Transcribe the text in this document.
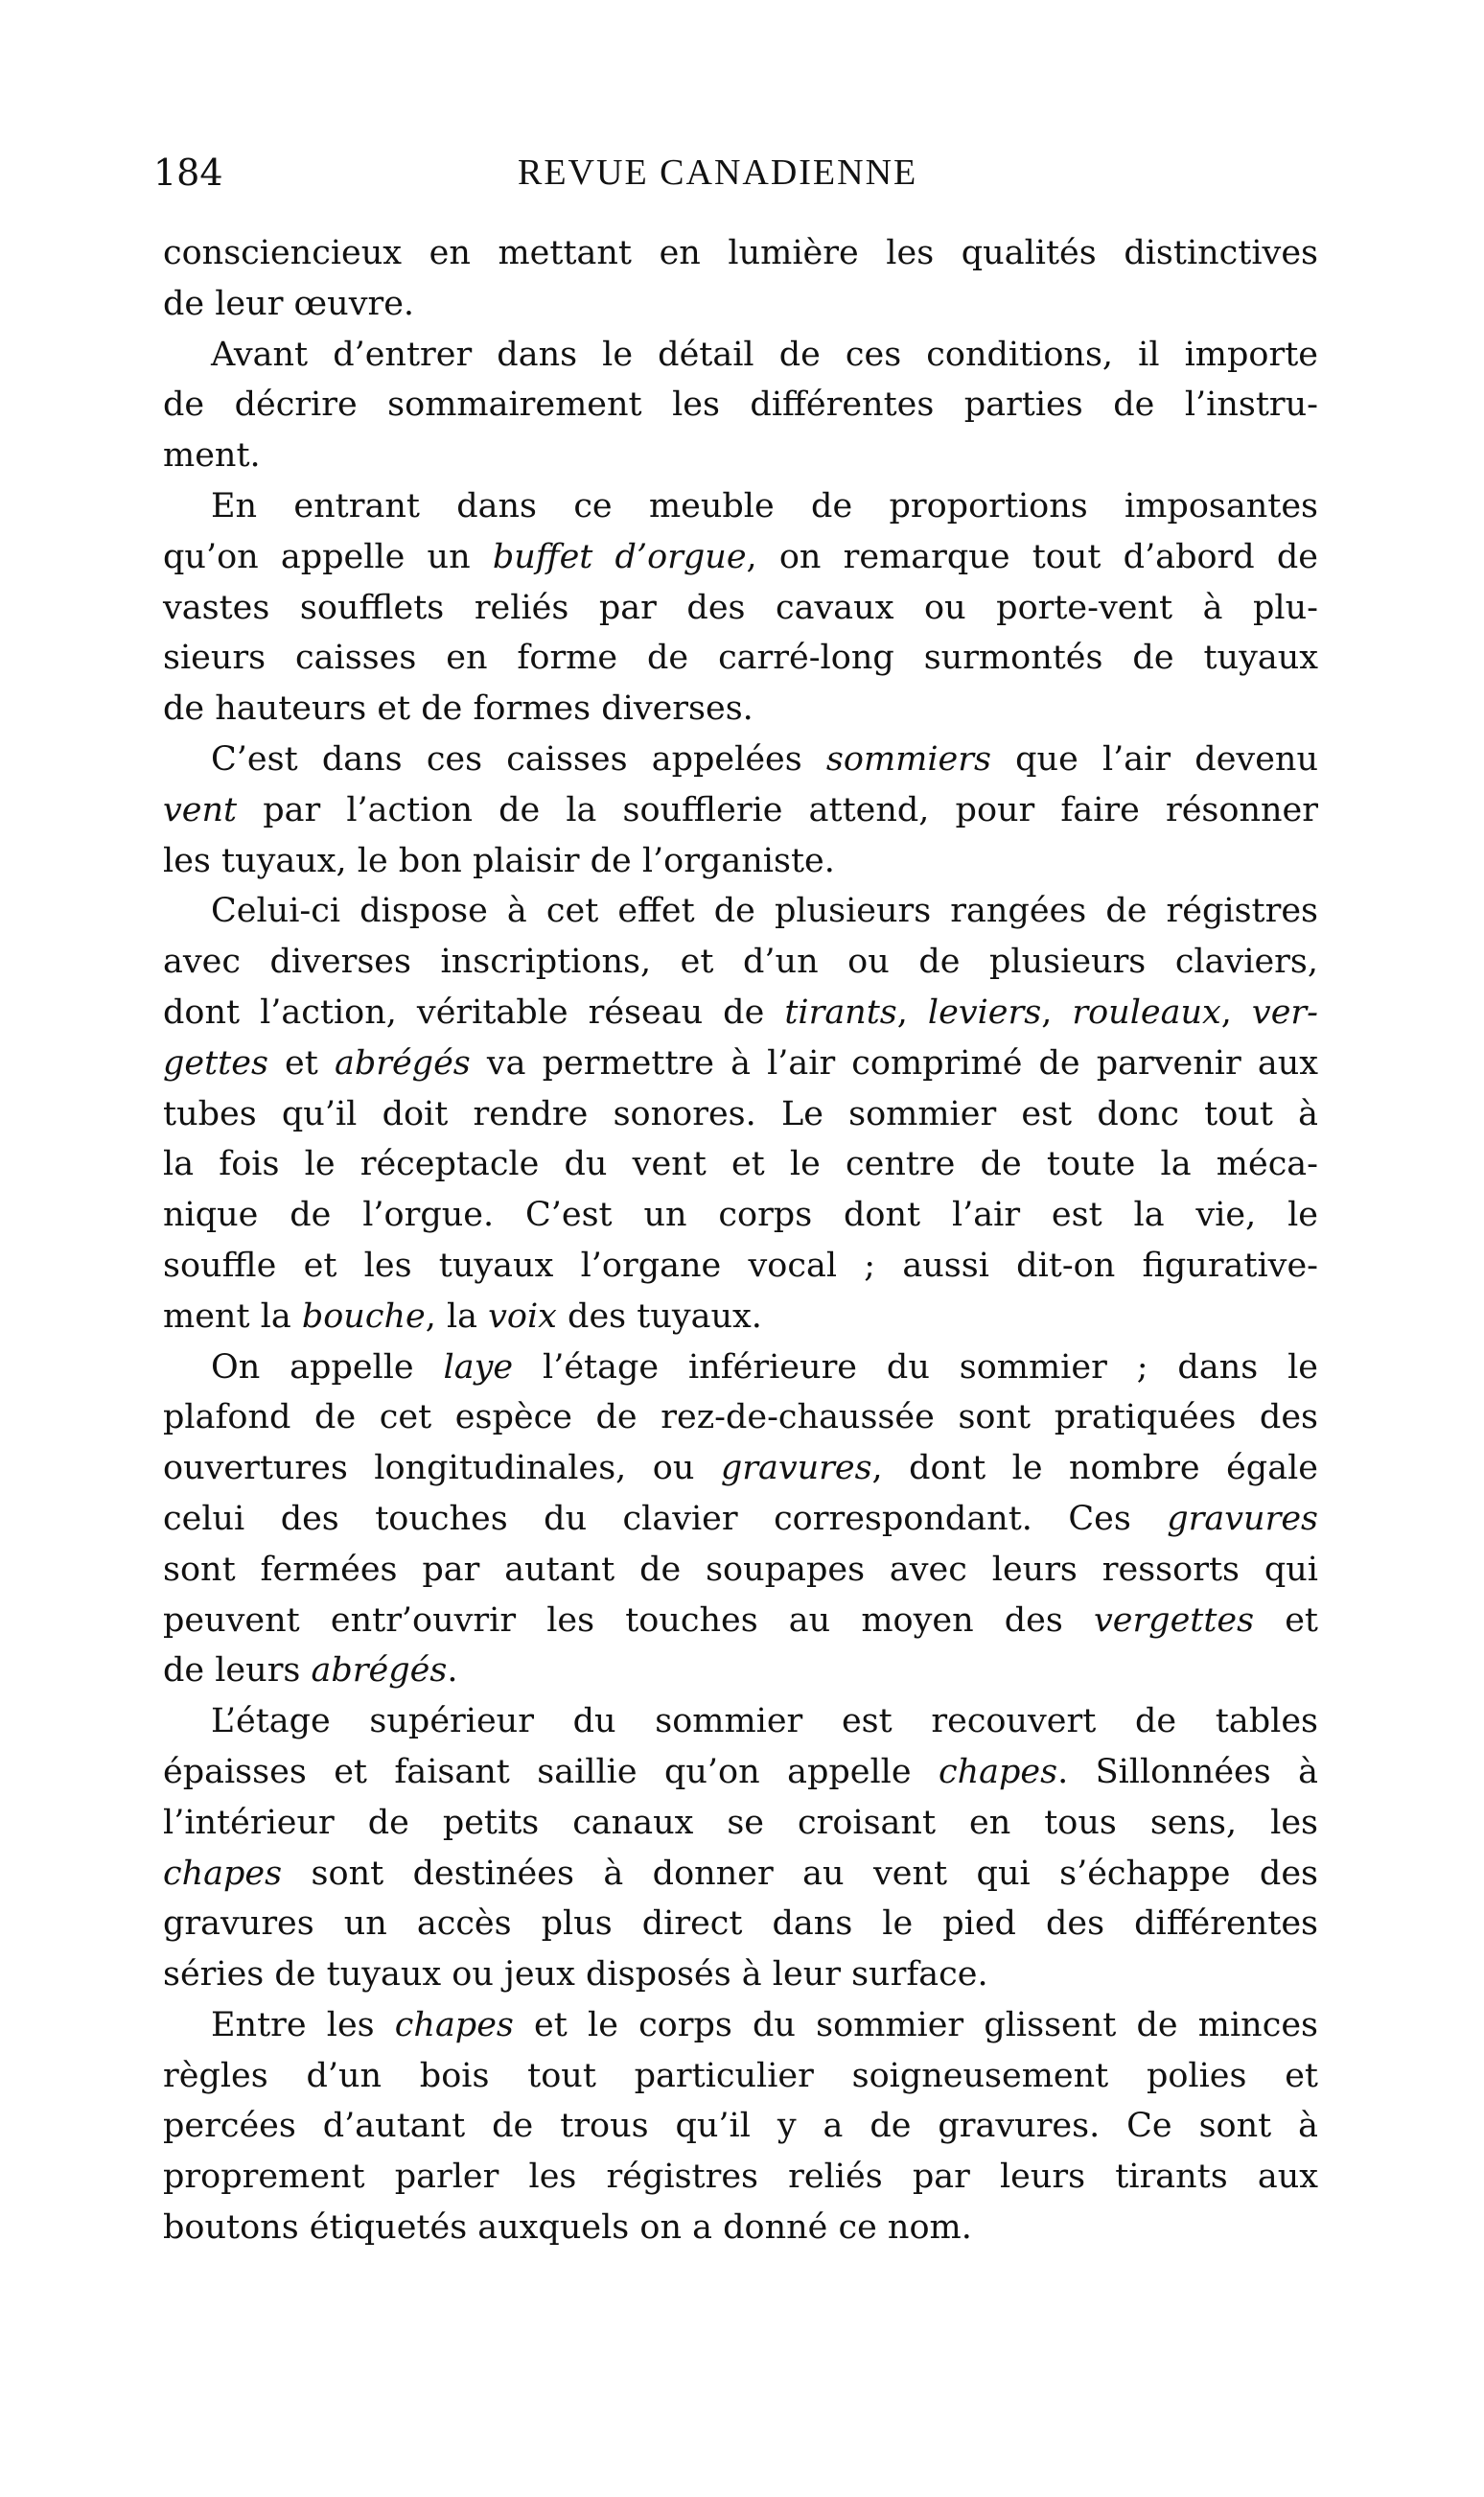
184	REVUE CANADIENNE
consciencieux en mettant en lumière les qualités distinctives
de leur œuvre.
Avant d’entrer dans le détail de ces conditions, il importe
de décrire sommairement les différentes parties de l’instru-
ment.
En entrant dans ce meuble de proportions imposantes
qu’on appelle un buffet d’orgue, on remarque tout d’abord de
vastes soufflets reliés par des cavaux ou porte-vent à plu-
sieurs caisses en forme de carré-long surmontés de tuyaux
de hauteurs et de formes diverses.
C’est dans ces caisses appelées sommiers que l’air devenu
vent par l’action de la soufflerie attend, pour faire résonner
les tuyaux, le bon plaisir de l’organiste.
Celui-ci dispose à cet effet de plusieurs rangées de régistres
avec diverses inscriptions, et d’un ou de plusieurs claviers,
dont l’action, véritable réseau de tirants, leviers, rouleaux, ver-
gettes et abrégés va permettre à l’air comprimé de parvenir aux
tubes qu’il doit rendre sonores. Le sommier est donc tout à
la fois le réceptacle du vent et le centre de toute la méca-
nique de l’orgue. C’est un corps dont l’air est la vie, le
souffle et les tuyaux l’organe vocal ; aussi dit-on figurative-
ment la bouche, la voix des tuyaux.
On appelle laye l’étage inférieure du sommier ; dans le
plafond de cet espèce de rez-de-chaussée sont pratiquées des
ouvertures longitudinales, ou gravures, dont le nombre égale
celui des touches du clavier correspondant. Ces gravures
sont fermées par autant de soupapes avec leurs ressorts qui
peuvent entr’ouvrir les touches au moyen des vergettes et
de leurs abrégés.
L’étage supérieur du sommier est recouvert de tables
épaisses et faisant saillie qu’on appelle chapes. Sillonnées à
l’intérieur de petits canaux se croisant en tous sens, les
chapes sont destinées à donner au vent qui s’échappe des
gravures un accès plus direct dans le pied des différentes
séries de tuyaux ou jeux disposés à leur surface.
Entre les chapes et le corps du sommier glissent de minces
règles d’un bois tout particulier soigneusement polies et
percées d’autant de trous qu’il y a de gravures. Ce sont à
proprement parler les régistres reliés par leurs tirants aux
boutons étiquetés auxquels on a donné ce nom.
